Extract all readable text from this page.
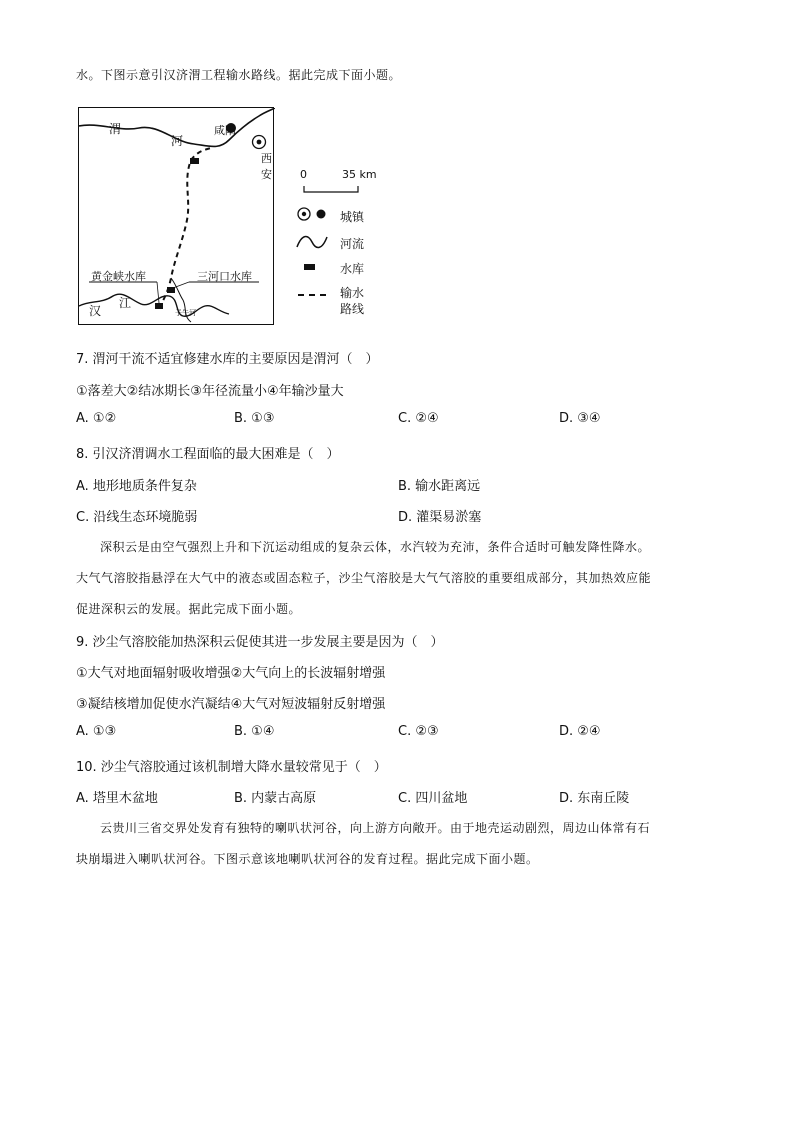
水。下图示意引汉济渭工程输水路线。据此完成下面小题。
渭
河
咸阳
西安
黄金峡水库	三河口水库
汉
江
子午河
0	35 km
城镇
河流
水库
输水
路线
7. 渭河干流不适宜修建水库的主要原因是渭河（　）
①落差大②结冰期长③年径流量小④年输沙量大
A. ①②	B. ①③	C. ②④	D. ③④
8. 引汉济渭调水工程面临的最大困难是（　）
A. 地形地质条件复杂	B. 输水距离远
C. 沿线生态环境脆弱	D. 灌渠易淤塞
深积云是由空气强烈上升和下沉运动组成的复杂云体，水汽较为充沛，条件合适时可触发降性降水。
大气气溶胶指悬浮在大气中的液态或固态粒子，沙尘气溶胶是大气气溶胶的重要组成部分，其加热效应能
促进深积云的发展。据此完成下面小题。
9. 沙尘气溶胶能加热深积云促使其进一步发展主要是因为（　）
①大气对地面辐射吸收增强②大气向上的长波辐射增强
③凝结核增加促使水汽凝结④大气对短波辐射反射增强
A. ①③	B. ①④	C. ②③	D. ②④
10. 沙尘气溶胶通过该机制增大降水量较常见于（　）
A. 塔里木盆地	B. 内蒙古高原	C. 四川盆地	D. 东南丘陵
云贵川三省交界处发育有独特的喇叭状河谷，向上游方向敞开。由于地壳运动剧烈，周边山体常有石
块崩塌进入喇叭状河谷。下图示意该地喇叭状河谷的发育过程。据此完成下面小题。
